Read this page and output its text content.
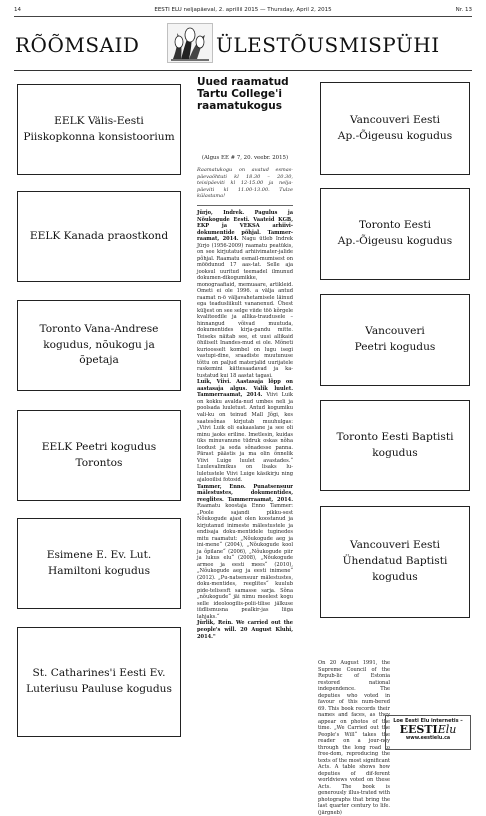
14	EESTI ELU neljapäeval, 2. aprillil 2015 — Thursday, April 2, 2015	Nr. 13
RÕÕMSAID	ÜLESTÕUSMISPÜHI
EELK Välis-Eesti
Piiskopkonna konsistoorium
EELK Kanada praostkond
Toronto Vana-Andrese
kogudus, nõukogu ja õpetaja
EELK Peetri kogudus
Torontos
Esimene E. Ev. Lut.
Hamiltoni kogudus
St. Catharines'i Eesti Ev.
Luteriusu Pauluse kogudus
Vancouveri Eesti
Ap.-Õigeusu kogudus
Toronto Eesti
Ap.-Õigeusu kogudus
Vancouveri
Peetri kogudus
Toronto Eesti Baptisti
kogudus
Vancouveri Eesti
Ühendatud Baptisti
kogudus
Uued raamatud Tartu College'i raamatukogus
(Algus EE # 7, 20. veebr. 2015)
Raamatukogu on avatud esmas-päevaöhtuti kl 18.30 – 20.30, teisipäeviti kl 12-15.00 ja nelja-päeviti kl 11.00-13.00. Tulze külastama!

Jürjo, Indrek. Pagulus ja Nõukogude Eesti. Vaateid KGB, EKP ja VEKSA arhiivi-dokumentide põhjal. Tammer-raamat, 2014. Nagu ütleb Indrek Jürjo (1956-2009) raamatu peatükis, on see kirjutatud arhiivimater-jalide põhjal. Raamatu esmail-mumisest on möödunud 17 aas-tat. Selle aja jooksul uuritud teemadel ilmunud dokumen-dikogumikke, monograafiaid, memuaare, artikleid. Ometi ei ole 1996. a välja antud raamat n-ö väljavahetamisele läinud ega teadusliikult vananenud. Ühest küljest on see selge viide töö kõrgele kvaliteedile ja allika-traudusele – hinnangud võivad muutuda, dokumentides kirja-pandu mitte. Teiseks näitab see, et uusi allikaid öhiliselt Inandes-mud ei ole. Mõneti kurioosselt kombel on lugu isegi vastupi-dine, sraadiste muutunuse tõttu on paljud materjalid uurijatele raskemini kättesaadavad ja ka-tustatud kui 18 aastat tagasi.

Luik, Viivi. Aastasaja lõpp on aastasaja algus. Valik luulet. Tammerraamat, 2014. Viivi Luik on kokku avalda-nud umbes neli ja poolsada luuletust. Antud kogumiku vali-ku on teinud Mall Jõgi, kes saatesõnas kirjutab muuhulgas: „Viivi Luik oli eakaaslane ja see oli minu jaoks eriline. Imetlesin, kuidas üks minuvanune tüdruk oskas nõha loodust ja seda sõnadesse panna. Pärast päästis ja ma olin õnnelik Viivi Luige luulet avastades.“ Luulevalimikus on lisaks lu-luletustele Viivi Luige käsikirju ning ajalooilisi fotosid.

Tammer, Enno. Punatsensuur mälestustes, dokumentides, reeglites. Tammerraamat, 2014. Raamatu koostaja Enno Tammer: „Poole sajandi pikku-sest Nõukogude ajast olen koostanud ja kirjutanud inimeste mälestustele ja endisaja doku-mentidele tuginedes mitu raamatut: „Nõukogude aeg ja ini-mene“ (2004), „Nõukogude kool ja õpilane“ (2006), „Nõukogude piir ja lukus elu“ (2008), „Nõukogude armee ja eesti mees“ (2010), „Nõukogude aeg ja eesti inimene“ (2012). „Pu-natsensuur mälestustes, doku-mentides, reeglites“ kuulub pide-telisesft samasse sarja. Sõna „nõukogude“ jäi nimu meelest kogu selle ideoloogilis-polii-tilise jälkuse iüdlismusna pealkir-jas liiga lahjaks.“

Jürlik, Rein. We carried out the people's will. 20 August Kluhi, 2014."

On 20 August 1991, the Supreme Council of the Repub-lic of Estonia restored national independence. The deputies who voted in favour of this num-bered 69. This book records their names and faces, as they appear on photos of the time. „We Carried out the People's Will“ takes the reader on a jour-ney through the long road to free-dom, reproducing the texts of the most significant Acts. A table shows how deputies of dif-ferent worldviews voted on these Acts. The book is generously illus-trated with photographs that bring the last quarter century to life. (järgneb)
Loe Eesti Elu internetis –
EESTIElu
www.eestielu.ca
